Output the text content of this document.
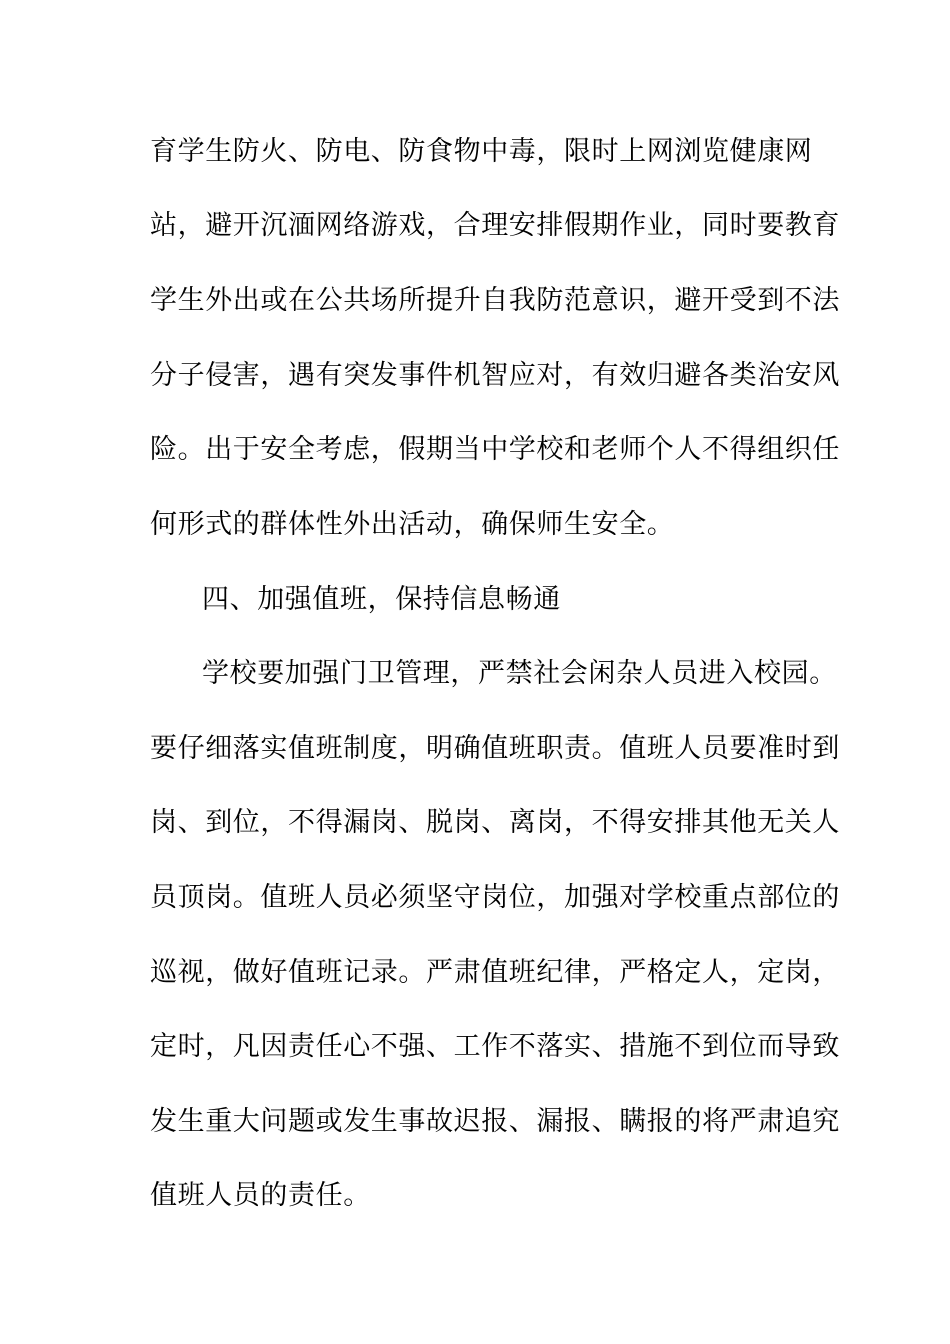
育学生防火、防电、防食物中毒，限时上网浏览健康网
站，避开沉湎网络游戏，合理安排假期作业，同时要教育
学生外出或在公共场所提升自我防范意识，避开受到不法
分子侵害，遇有突发事件机智应对，有效归避各类治安风
险。出于安全考虑，假期当中学校和老师个人不得组织任
何形式的群体性外出活动，确保师生安全。
四、加强值班，保持信息畅通
学校要加强门卫管理，严禁社会闲杂人员进入校园。
要仔细落实值班制度，明确值班职责。值班人员要准时到
岗、到位，不得漏岗、脱岗、离岗，不得安排其他无关人
员顶岗。值班人员必须坚守岗位，加强对学校重点部位的
巡视，做好值班记录。严肃值班纪律，严格定人，定岗，
定时，凡因责任心不强、工作不落实、措施不到位而导致
发生重大问题或发生事故迟报、漏报、瞒报的将严肃追究
值班人员的责任。
